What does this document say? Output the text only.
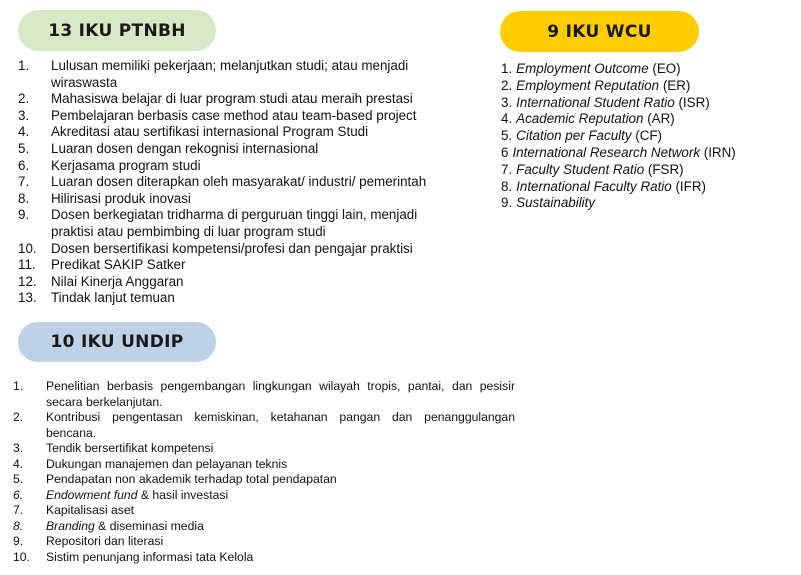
13 IKU PTNBH	9 IKU WCU
10 IKU UNDIP
1.	Lulusan memiliki pekerjaan; melanjutkan studi; atau menjadi wiraswasta
2.	Mahasiswa belajar di luar program studi atau meraih prestasi
3.	Pembelajaran berbasis case method atau team-based project
4.	Akreditasi atau sertifikasi internasional Program Studi
5.	Luaran dosen dengan rekognisi internasional
6.	Kerjasama program studi
7.	Luaran dosen diterapkan oleh masyarakat/ industri/ pemerintah
8.	Hilirisasi produk inovasi
9.	Dosen berkegiatan tridharma di perguruan tinggi lain, menjadi praktisi atau pembimbing di luar program studi
10.	Dosen bersertifikasi kompetensi/profesi dan pengajar praktisi
11.	Predikat SAKIP Satker
12.	Nilai Kinerja Anggaran
13.	Tindak lanjut temuan
1. Employment Outcome (EO)
2. Employment Reputation (ER)
3. International Student Ratio (ISR)
4. Academic Reputation (AR)
5. Citation per Faculty (CF)
6 International Research Network (IRN)
7. Faculty Student Ratio (FSR)
8. International Faculty Ratio (IFR)
9. Sustainability
1.	Penelitian berbasis pengembangan lingkungan wilayah tropis, pantai, dan pesisir secara berkelanjutan.
2.	Kontribusi pengentasan kemiskinan, ketahanan pangan dan penanggulangan bencana.
3.	Tendik bersertifikat kompetensi
4.	Dukungan manajemen dan pelayanan teknis
5.	Pendapatan non akademik terhadap total pendapatan
6.	Endowment fund & hasil investasi
7.	Kapitalisasi aset
8.	Branding & diseminasi media
9.	Repositori dan literasi
10.	Sistim penunjang informasi tata Kelola
